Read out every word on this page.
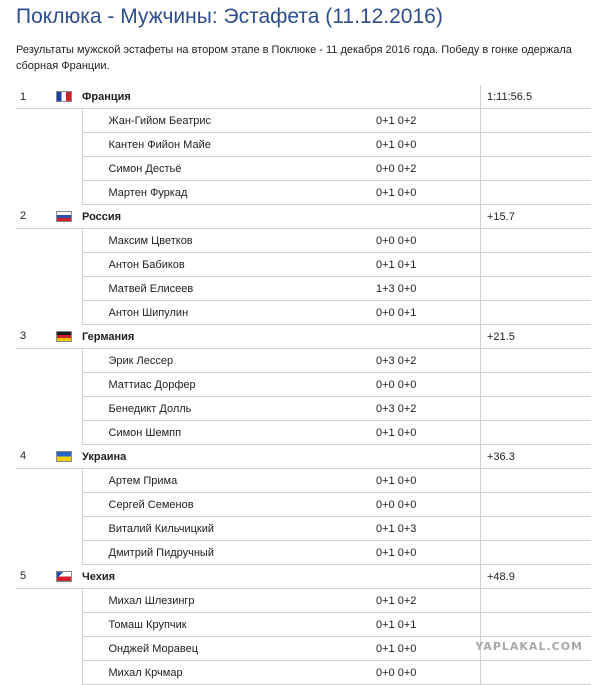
Поклюка - Мужчины: Эстафета (11.12.2016)

Результаты мужской эстафеты на втором этапе в Поклюке - 11 декабря 2016 года. Победу в гонке одержала сборная Франции.

1		Франция		1:11:56.5
		Жан-Гийом Беатрис	0+1 0+2	
		Кантен Фийон Майе	0+1 0+0	
		Симон Дестьё	0+0 0+2	
		Мартен Фуркад	0+1 0+0	
2		Россия		+15.7
		Максим Цветков	0+0 0+0	
		Антон Бабиков	0+1 0+1	
		Матвей Елисеев	1+3 0+0	
		Антон Шипулин	0+0 0+1	
3		Германия		+21.5
		Эрик Лессер	0+3 0+2	
		Маттиас Дорфер	0+0 0+0	
		Бенедикт Долль	0+3 0+2	
		Симон Шемпп	0+1 0+0	
4		Украина		+36.3
		Артем Прима	0+1 0+0	
		Сергей Семенов	0+0 0+0	
		Виталий Кильчицкий	0+1 0+3	
		Дмитрий Пидручный	0+1 0+0	
5		Чехия		+48.9
		Михал Шлезингр	0+1 0+2	
		Томаш Крупчик	0+1 0+1	
		Онджей Моравец	0+1 0+0	
		Михал Крчмар	0+0 0+0	
YAPLAKAL.COM
